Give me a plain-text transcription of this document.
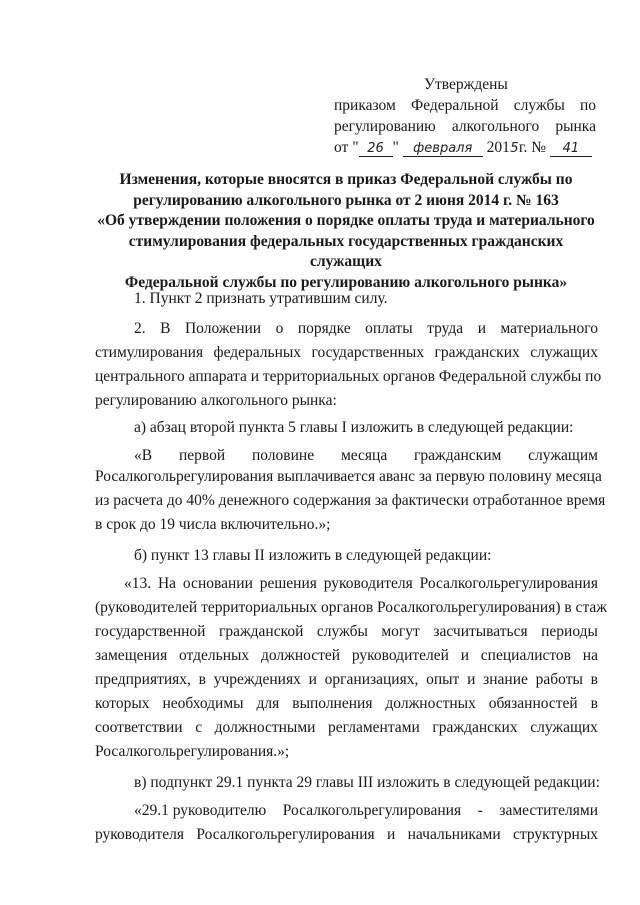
Утверждены
приказом Федеральной службы по
регулированию алкогольного рынка
от " 26 " февраля 2015г. № 41
Изменения, которые вносятся в приказ Федеральной службы по
регулированию алкогольного рынка от 2 июня 2014 г. № 163
«Об утверждении положения о порядке оплаты труда и материального
стимулирования федеральных государственных гражданских служащих
Федеральной службы по регулированию алкогольного рынка»
1. Пункт 2 признать утратившим силу.
2. В Положении о порядке оплаты труда и материального
стимулирования федеральных государственных гражданских служащих
центрального аппарата и территориальных органов Федеральной службы по
регулированию алкогольного рынка:
а) абзац второй пункта 5 главы I изложить в следующей редакции:
«В первой половине месяца гражданским служащим
Росалкогольрегулирования выплачивается аванс за первую половину месяца
из расчета до 40% денежного содержания за фактически отработанное время
в срок до 19 числа включительно.»;
б) пункт 13 главы II изложить в следующей редакции:
«13. На основании решения руководителя Росалкогольрегулирования
(руководителей территориальных органов Росалкогольрегулирования) в стаж
государственной гражданской службы могут засчитываться периоды
замещения отдельных должностей руководителей и специалистов на
предприятиях, в учреждениях и организациях, опыт и знание работы в
которых необходимы для выполнения должностных обязанностей в
соответствии с должностными регламентами гражданских служащих
Росалкогольрегулирования.»;
в) подпункт 29.1 пункта 29 главы III изложить в следующей редакции:
«29.1 руководителю Росалкогольрегулирования - заместителями
руководителя Росалкогольрегулирования и начальниками структурных
